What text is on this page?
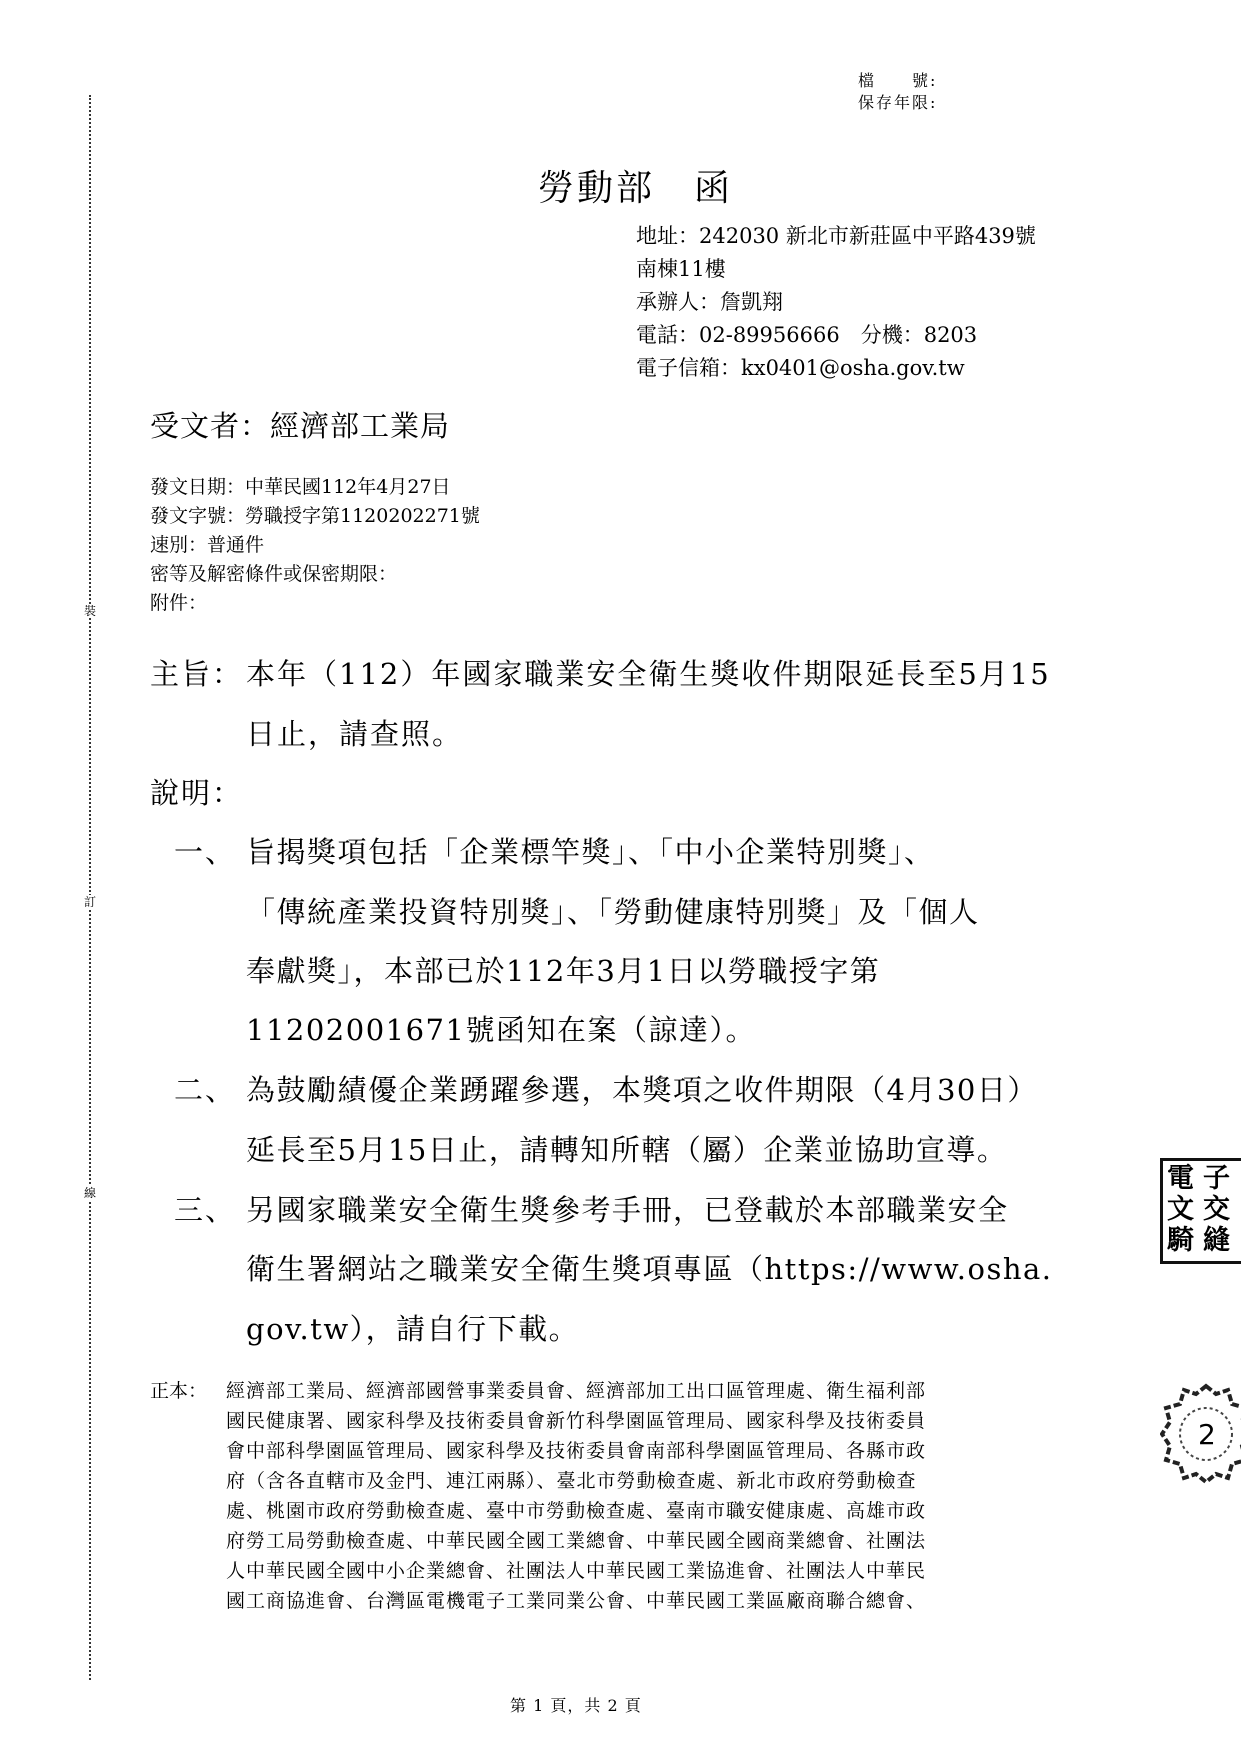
裝
訂
線
檔　　號:
保存年限:
勞動部　函
地址：242030 新北市新莊區中平路439號
南棟11樓
承辦人：詹凱翔
電話：02-89956666　分機：8203
電子信箱：kx0401@osha.gov.tw
受文者：經濟部工業局
發文日期：中華民國112年4月27日
發文字號：勞職授字第1120202271號
速別：普通件
密等及解密條件或保密期限：
附件：
主旨： 本年（112）年國家職業安全衛生獎收件期限延長至5月15
日止，請查照。
說明：
一、 旨揭獎項包括「企業標竿獎」、「中小企業特別獎」、
「傳統產業投資特別獎」、「勞動健康特別獎」及「個人
奉獻獎」，本部已於112年3月1日以勞職授字第
11202001671號函知在案（諒達）。
二、 為鼓勵績優企業踴躍參選，本獎項之收件期限（4月30日）
延長至5月15日止，請轉知所轄（屬）企業並協助宣導。
三、 另國家職業安全衛生獎參考手冊，已登載於本部職業安全
衛生署網站之職業安全衛生獎項專區（https://www.osha.
gov.tw），請自行下載。
正本： 經濟部工業局、經濟部國營事業委員會、經濟部加工出口區管理處、衛生福利部
國民健康署、國家科學及技術委員會新竹科學園區管理局、國家科學及技術委員
會中部科學園區管理局、國家科學及技術委員會南部科學園區管理局、各縣市政
府（含各直轄市及金門、連江兩縣）、臺北市勞動檢查處、新北市政府勞動檢查
處、桃園市政府勞動檢查處、臺中市勞動檢查處、臺南市職安健康處、高雄市政
府勞工局勞動檢查處、中華民國全國工業總會、中華民國全國商業總會、社團法
人中華民國全國中小企業總會、社團法人中華民國工業協進會、社團法人中華民
國工商協進會、台灣區電機電子工業同業公會、中華民國工業區廠商聯合總會、
第 1 頁，共 2 頁
電 子 文 交 騎 縫
2
